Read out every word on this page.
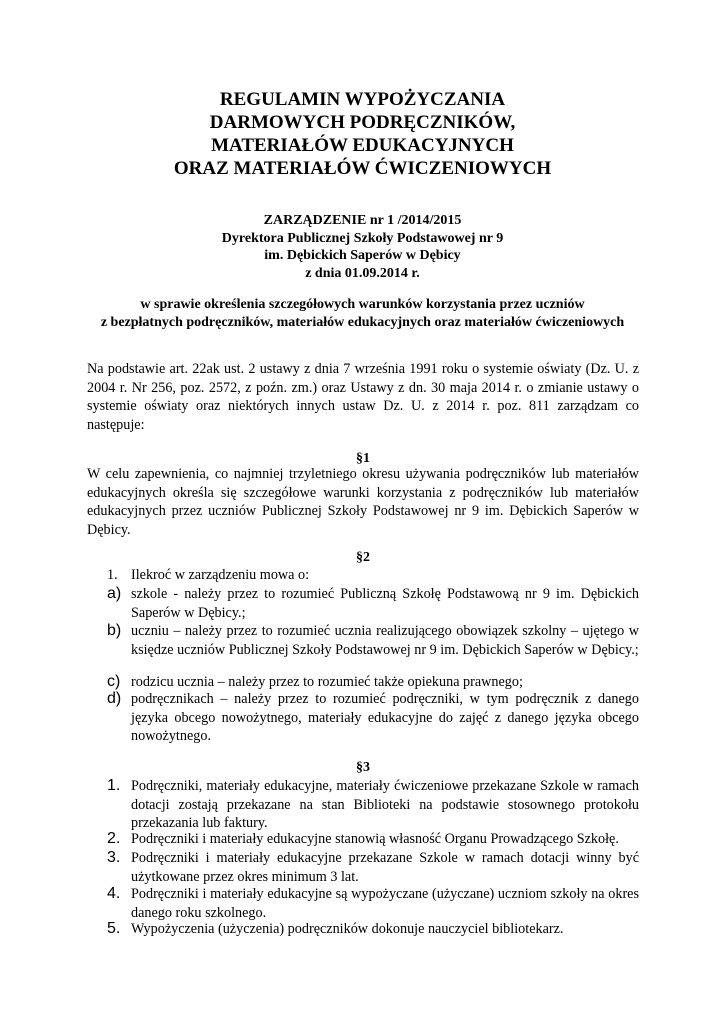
REGULAMIN WYPOŻYCZANIA
DARMOWYCH PODRĘCZNIKÓW,
MATERIAŁÓW EDUKACYJNYCH
ORAZ MATERIAŁÓW ĆWICZENIOWYCH
ZARZĄDZENIE nr 1 /2014/2015
Dyrektora Publicznej Szkoły Podstawowej nr 9
im. Dębickich Saperów w Dębicy
z dnia 01.09.2014 r.
w sprawie określenia szczegółowych warunków korzystania przez uczniów
z bezpłatnych podręczników, materiałów edukacyjnych oraz materiałów ćwiczeniowych
Na podstawie art. 22ak ust. 2 ustawy z dnia 7 września 1991 roku o systemie oświaty (Dz. U. z 2004 r. Nr 256, poz. 2572, z poźn. zm.) oraz Ustawy z dn. 30 maja 2014 r. o zmianie ustawy o systemie oświaty oraz niektórych innych ustaw Dz. U. z 2014 r. poz. 811 zarządzam co następuje:
§1
W celu zapewnienia, co najmniej trzyletniego okresu używania podręczników lub materiałów edukacyjnych określa się szczegółowe warunki korzystania z podręczników lub materiałów edukacyjnych przez uczniów Publicznej Szkoły Podstawowej nr 9 im. Dębickich Saperów w Dębicy.
§2
1. Ilekroć w zarządzeniu mowa o:
a) szkole - należy przez to rozumieć Publiczną Szkołę Podstawową nr 9 im. Dębickich Saperów w Dębicy.;
b) uczniu – należy przez to rozumieć ucznia realizującego obowiązek szkolny – ujętego w księdze uczniów Publicznej Szkoły Podstawowej nr 9 im. Dębickich Saperów w Dębicy.;
c) rodzicu ucznia – należy przez to rozumieć także opiekuna prawnego;
d) podręcznikach – należy przez to rozumieć podręczniki, w tym podręcznik z danego języka obcego nowożytnego, materiały edukacyjne do zajęć z danego języka obcego nowożytnego.
§3
1. Podręczniki, materiały edukacyjne, materiały ćwiczeniowe przekazane Szkole w ramach dotacji zostają przekazane na stan Biblioteki na podstawie stosownego protokołu przekazania lub faktury.
2. Podręczniki i materiały edukacyjne stanowią własność Organu Prowadzącego Szkołę.
3. Podręczniki i materiały edukacyjne przekazane Szkole w ramach dotacji winny być użytkowane przez okres minimum 3 lat.
4. Podręczniki i materiały edukacyjne są wypożyczane (użyczane) uczniom szkoły na okres danego roku szkolnego.
5. Wypożyczenia (użyczenia) podręczników dokonuje nauczyciel bibliotekarz.
